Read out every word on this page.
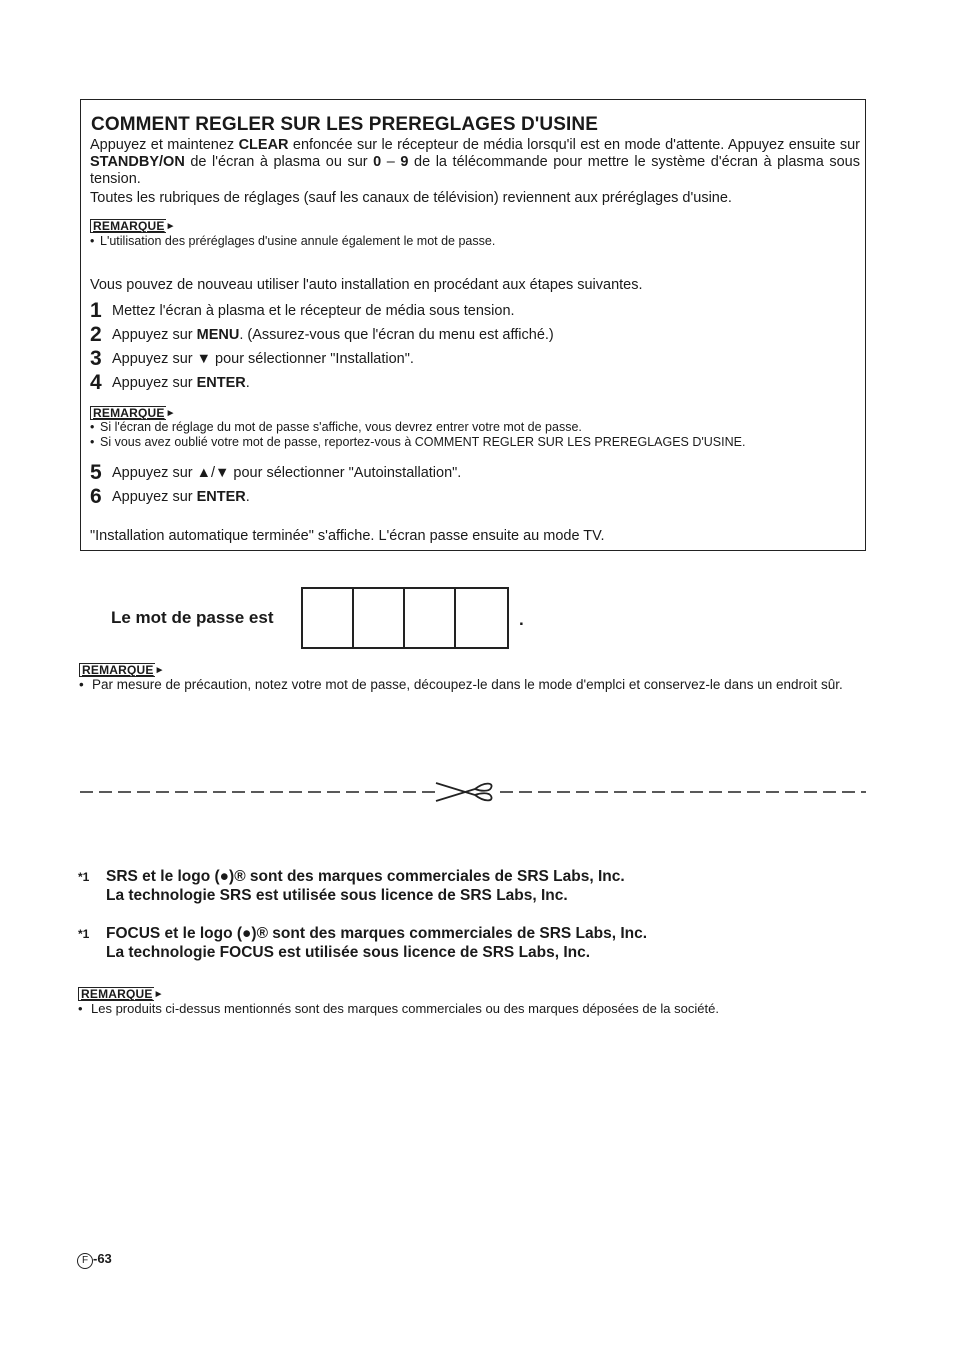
COMMENT REGLER SUR LES PREREGLAGES D'USINE
Appuyez et maintenez CLEAR enfoncée sur le récepteur de média lorsqu'il est en mode d'attente. Appuyez ensuite sur STANDBY/ON de l'écran à plasma ou sur 0 – 9 de la télécommande pour mettre le système d'écran à plasma sous tension.
Toutes les rubriques de réglages (sauf les canaux de télévision) reviennent aux préréglages d'usine.
REMARQUE►
• L'utilisation des préréglages d'usine annule également le mot de passe.
Vous pouvez de nouveau utiliser l'auto installation en procédant aux étapes suivantes.
1 Mettez l'écran à plasma et le récepteur de média sous tension.
2 Appuyez sur MENU. (Assurez-vous que l'écran du menu est affiché.)
3 Appuyez sur ▼ pour sélectionner "Installation".
4 Appuyez sur ENTER.
REMARQUE►
• Si l'écran de réglage du mot de passe s'affiche, vous devrez entrer votre mot de passe.
• Si vous avez oublié votre mot de passe, reportez-vous à COMMENT REGLER SUR LES PREREGLAGES D'USINE.
5 Appuyez sur ▲/▼ pour sélectionner "Autoinstallation".
6 Appuyez sur ENTER.
"Installation automatique terminée" s'affiche. L'écran passe ensuite au mode TV.
Le mot de passe est	.
REMARQUE►
• Par mesure de précaution, notez votre mot de passe, découpez-le dans le mode d'emplci et conservez-le dans un endroit sûr.
*1	SRS et le logo (●)® sont des marques commerciales de SRS Labs, Inc.
La technologie SRS est utilisée sous licence de SRS Labs, Inc.
*1	FOCUS et le logo (●)® sont des marques commerciales de SRS Labs, Inc.
La technologie FOCUS est utilisée sous licence de SRS Labs, Inc.
REMARQUE►
• Les produits ci-dessus mentionnés sont des marques commerciales ou des marques déposées de la société.
F -63
